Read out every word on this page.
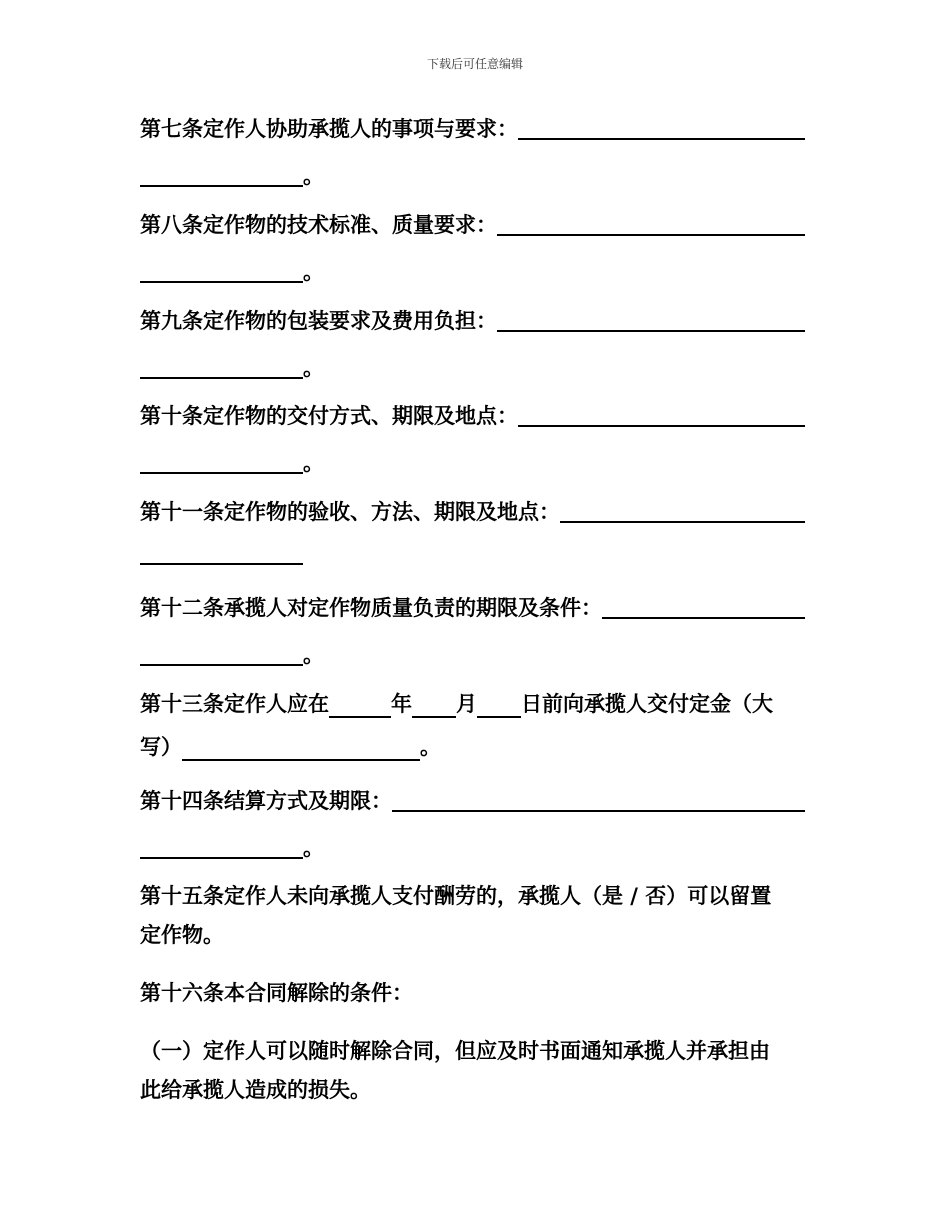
下载后可任意编辑
第七条定作人协助承揽人的事项与要求：
。
第八条定作物的技术标准、质量要求：
。
第九条定作物的包装要求及费用负担：
。
第十条定作物的交付方式、期限及地点：
。
第十一条定作物的验收、方法、期限及地点：
第十二条承揽人对定作物质量负责的期限及条件：
。
第十三条定作人应在	年 月 日前向承揽人交付定金（大
写）	。
第十四条结算方式及期限：
。
第十五条定作人未向承揽人支付酬劳的，承揽人（是 / 否）可以留置
定作物。
第十六条本合同解除的条件：
（一）定作人可以随时解除合同，但应及时书面通知承揽人并承担由
此给承揽人造成的损失。
